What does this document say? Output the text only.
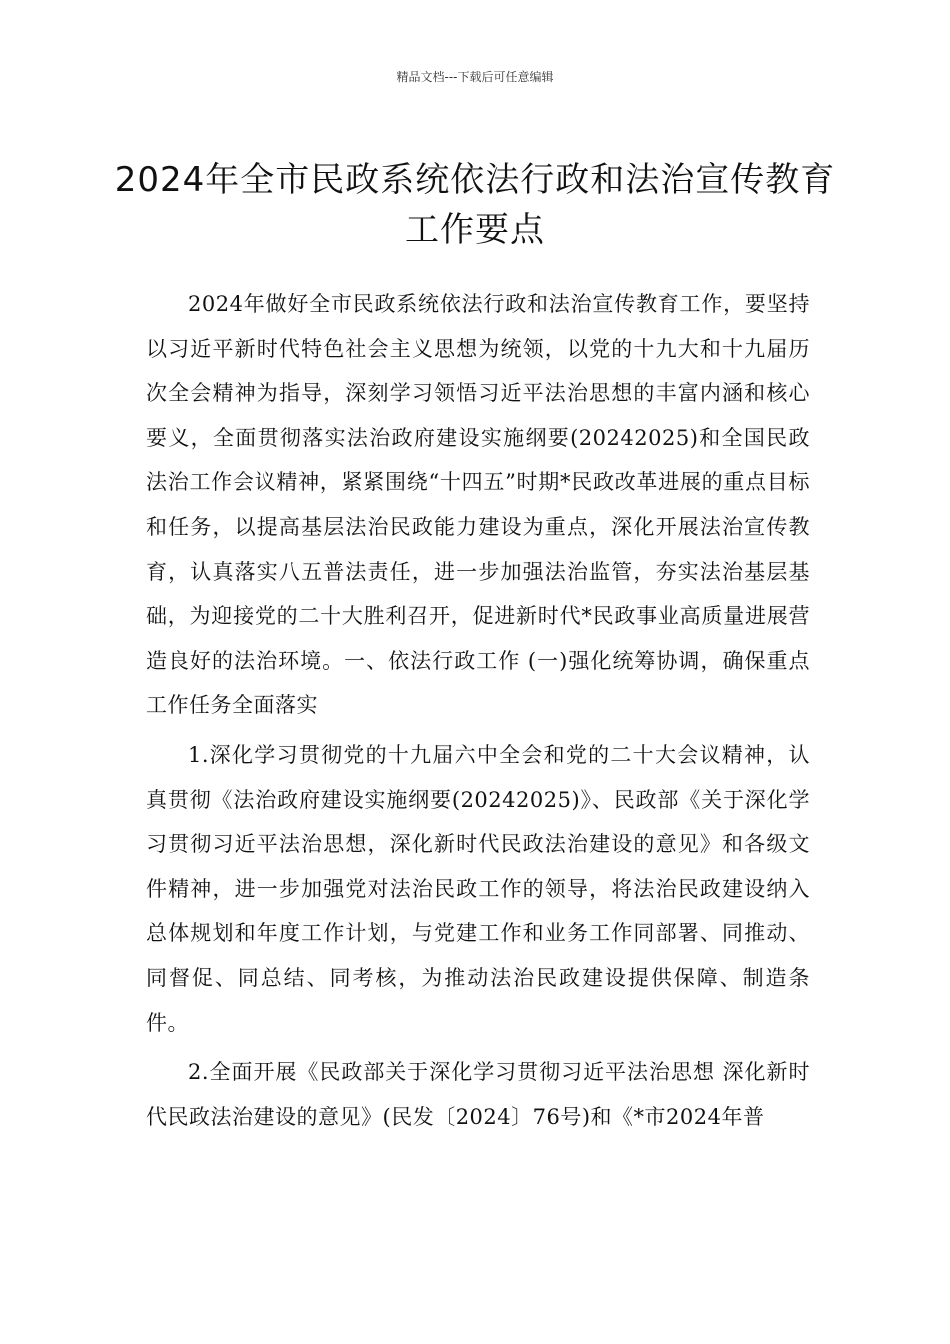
精品文档---下载后可任意编辑
2024年全市民政系统依法行政和法治宣传教育工作要点

2024年做好全市民政系统依法行政和法治宣传教育工作，要坚持以习近平新时代特色社会主义思想为统领，以党的十九大和十九届历次全会精神为指导，深刻学习领悟习近平法治思想的丰富内涵和核心要义，全面贯彻落实法治政府建设实施纲要(20242025)和全国民政法治工作会议精神，紧紧围绕“十四五”时期*民政改革进展的重点目标和任务，以提高基层法治民政能力建设为重点，深化开展法治宣传教育，认真落实八五普法责任，进一步加强法治监管，夯实法治基层基础，为迎接党的二十大胜利召开，促进新时代*民政事业高质量进展营造良好的法治环境。一、依法行政工作 (一)强化统筹协调，确保重点工作任务全面落实

1.深化学习贯彻党的十九届六中全会和党的二十大会议精神，认真贯彻《法治政府建设实施纲要(20242025)》、民政部《关于深化学习贯彻习近平法治思想，深化新时代民政法治建设的意见》和各级文件精神，进一步加强党对法治民政工作的领导，将法治民政建设纳入总体规划和年度工作计划，与党建工作和业务工作同部署、同推动、同督促、同总结、同考核，为推动法治民政建设提供保障、制造条件。

2.全面开展《民政部关于深化学习贯彻习近平法治思想 深化新时代民政法治建设的意见》(民发〔2024〕76号)和《*市2024年普
